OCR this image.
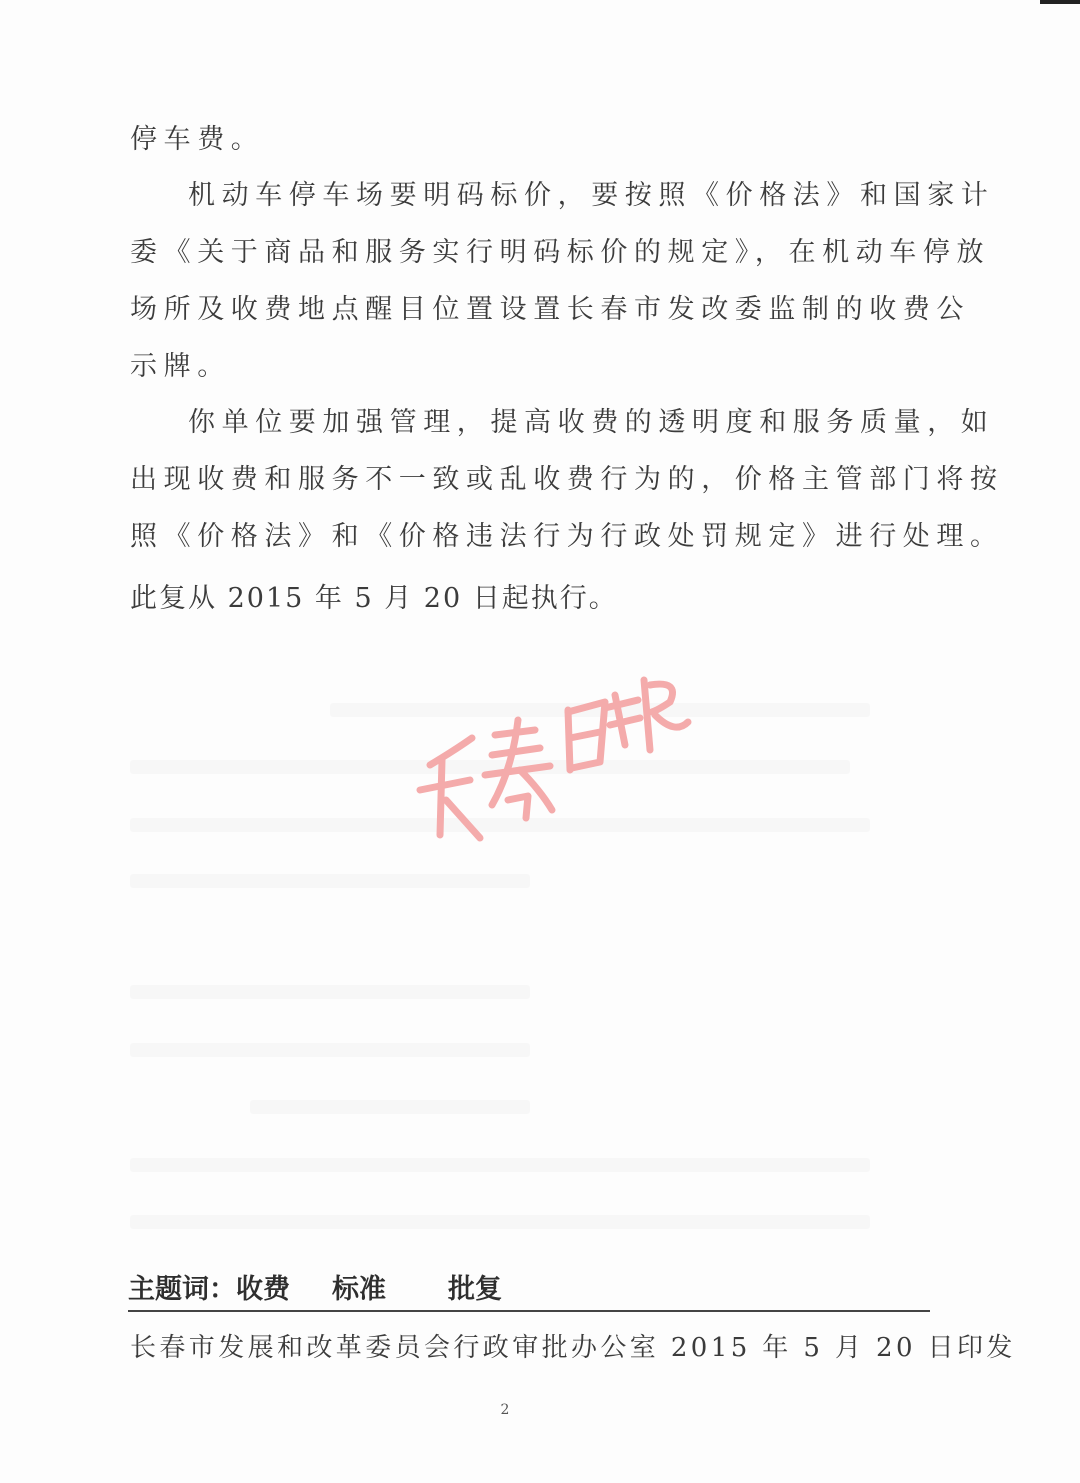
停车费。
机动车停车场要明码标价，要按照《价格法》和国家计
委《关于商品和服务实行明码标价的规定》，在机动车停放
场所及收费地点醒目位置设置长春市发改委监制的收费公
示牌。
你单位要加强管理，提高收费的透明度和服务质量，如
出现收费和服务不一致或乱收费行为的，价格主管部门将按
照《价格法》和《价格违法行为行政处罚规定》进行处理。
此复从 2015 年 5 月 20 日起执行。
主题词：收费 标准 批复
长春市发展和改革委员会行政审批办公室 2015 年 5 月 20 日印发
2
